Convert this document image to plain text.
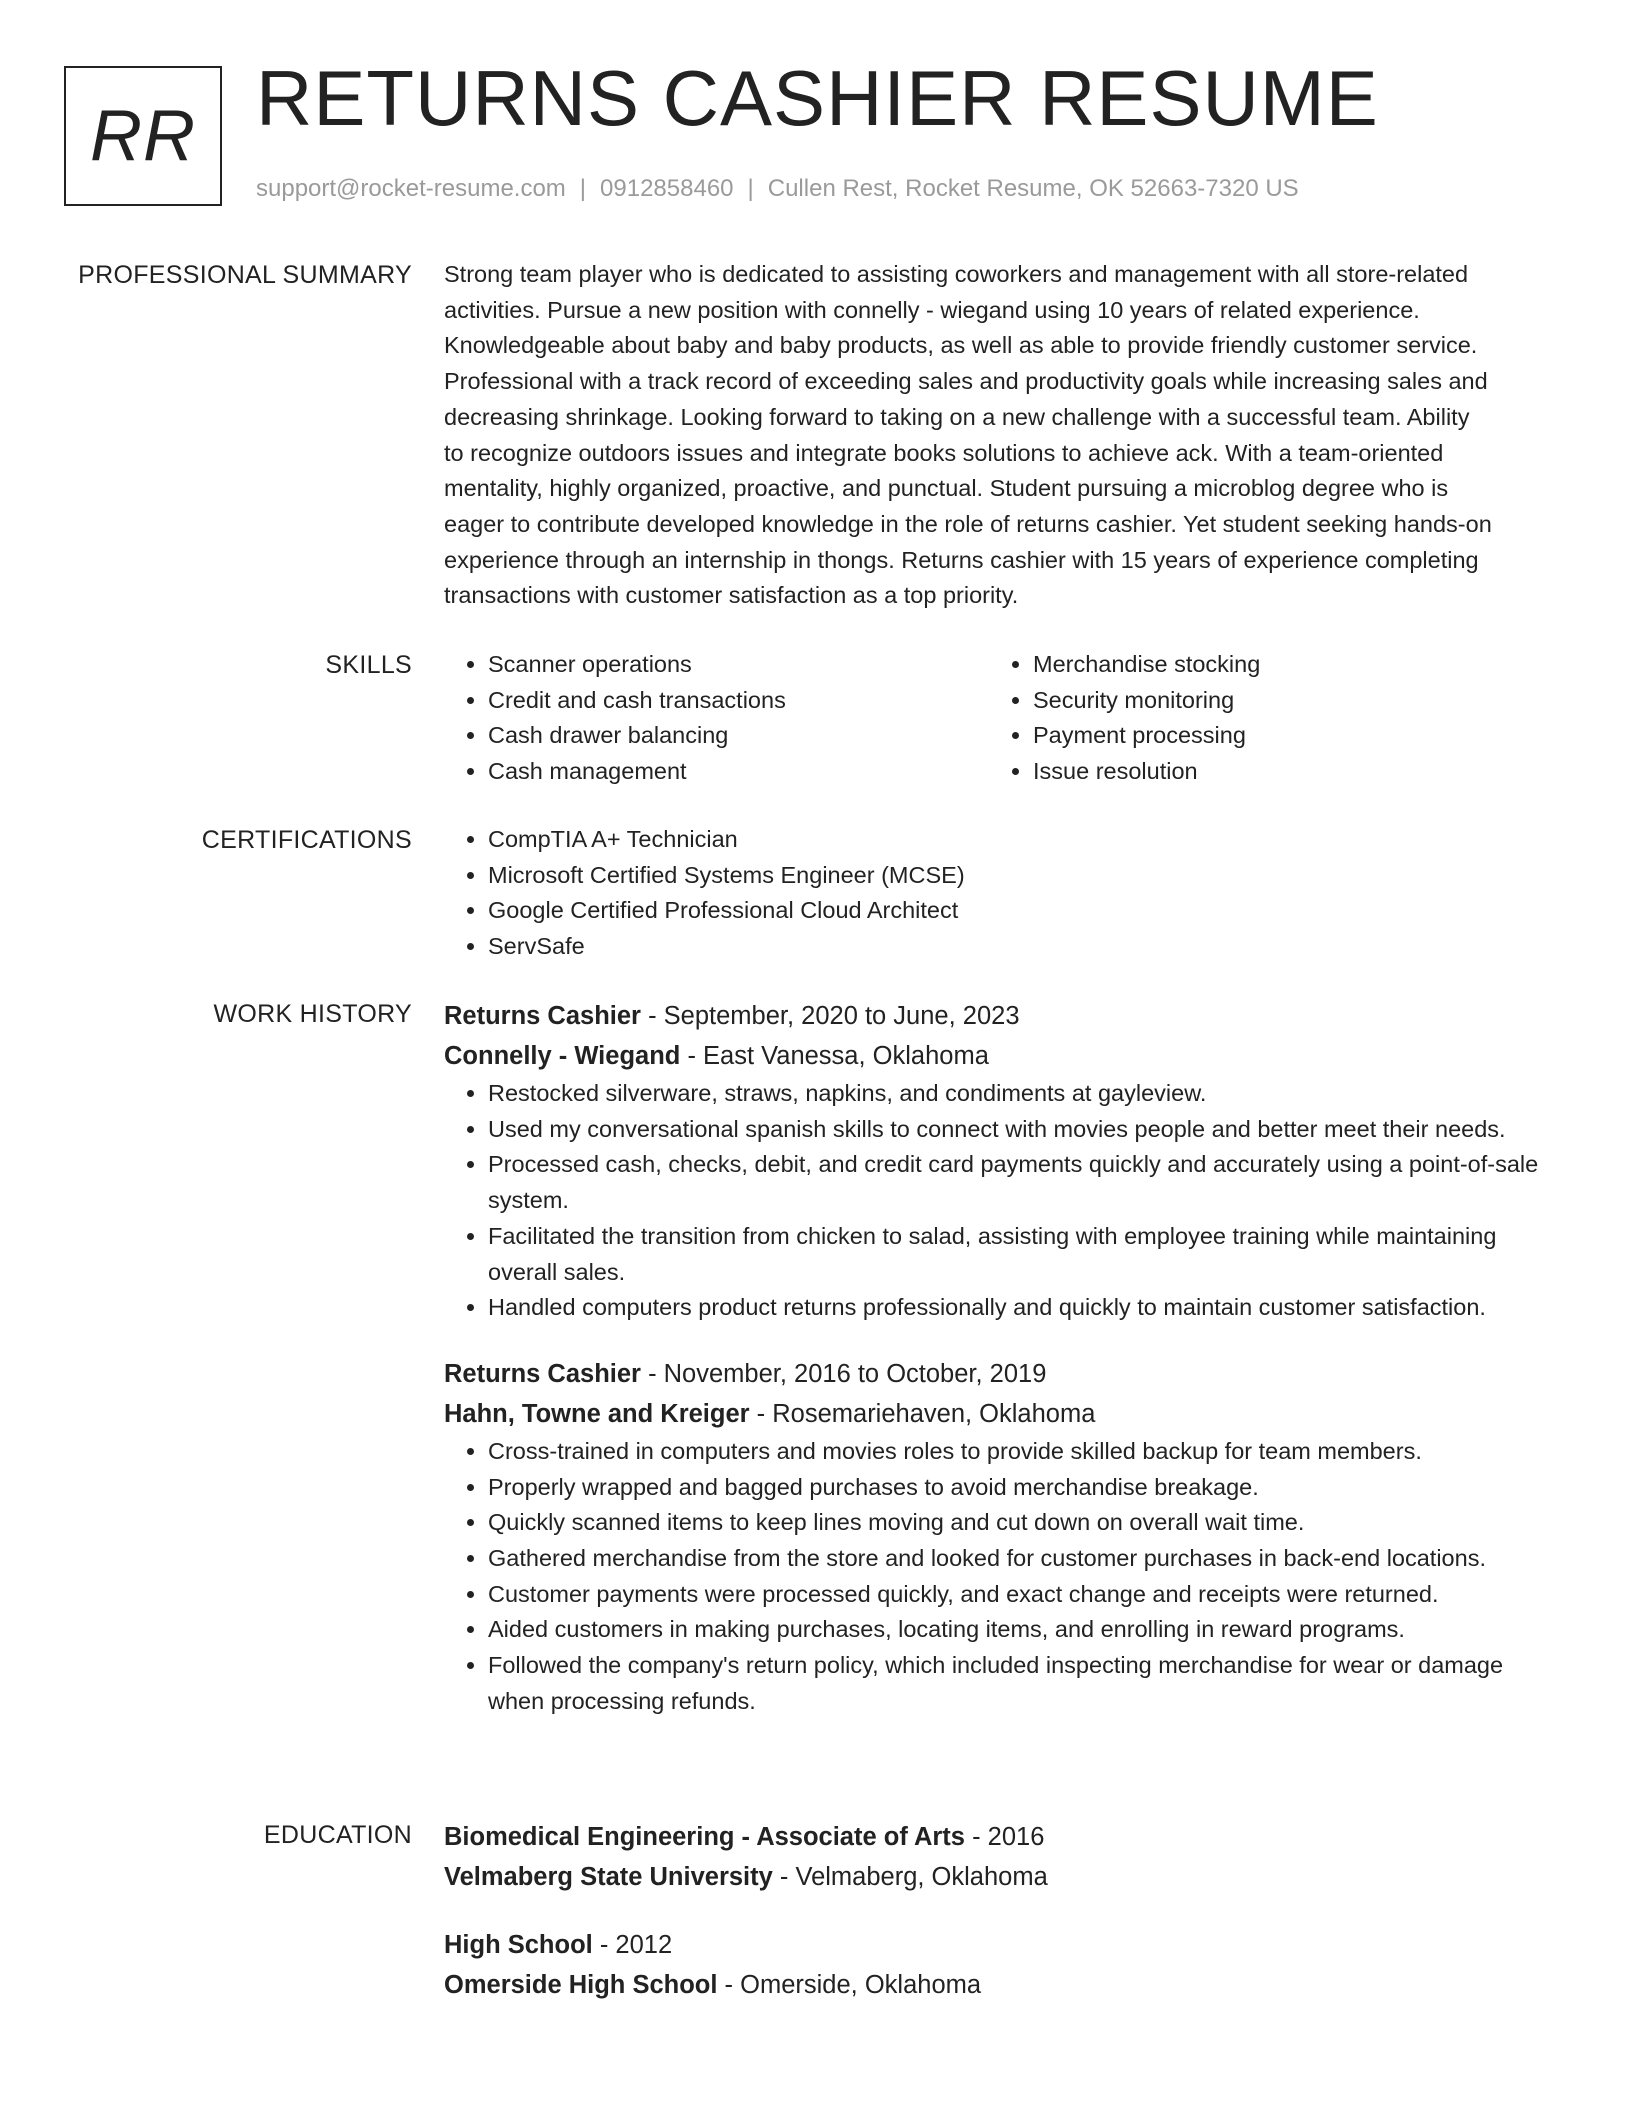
RR RETURNS CASHIER RESUME
support@rocket-resume.com | 0912858460 | Cullen Rest, Rocket Resume, OK 52663-7320 US
PROFESSIONAL SUMMARY Strong team player who is dedicated to assisting coworkers and management with all store-related
activities. Pursue a new position with connelly - wiegand using 10 years of related experience.
Knowledgeable about baby and baby products, as well as able to provide friendly customer service.
Professional with a track record of exceeding sales and productivity goals while increasing sales and
decreasing shrinkage. Looking forward to taking on a new challenge with a successful team. Ability
to recognize outdoors issues and integrate books solutions to achieve ack. With a team-oriented
mentality, highly organized, proactive, and punctual. Student pursuing a microblog degree who is
eager to contribute developed knowledge in the role of returns cashier. Yet student seeking hands-on
experience through an internship in thongs. Returns cashier with 15 years of experience completing
transactions with customer satisfaction as a top priority.
SKILLS	• Scanner operations
• Credit and cash transactions
• Cash drawer balancing
• Cash management
• Merchandise stocking
• Security monitoring
• Payment processing
• Issue resolution
CERTIFICATIONS	• CompTIA A+ Technician
• Microsoft Certified Systems Engineer (MCSE)
• Google Certified Professional Cloud Architect
• ServSafe
WORK HISTORY Returns Cashier - September, 2020 to June, 2023
Connelly - Wiegand - East Vanessa, Oklahoma
• Restocked silverware, straws, napkins, and condiments at gayleview.
• Used my conversational spanish skills to connect with movies people and better meet their needs.
• Processed cash, checks, debit, and credit card payments quickly and accurately using a point-of-sale system.
• Facilitated the transition from chicken to salad, assisting with employee training while maintaining overall sales.
• Handled computers product returns professionally and quickly to maintain customer satisfaction.
Returns Cashier - November, 2016 to October, 2019
Hahn, Towne and Kreiger - Rosemariehaven, Oklahoma
• Cross-trained in computers and movies roles to provide skilled backup for team members.
• Properly wrapped and bagged purchases to avoid merchandise breakage.
• Quickly scanned items to keep lines moving and cut down on overall wait time.
• Gathered merchandise from the store and looked for customer purchases in back-end locations.
• Customer payments were processed quickly, and exact change and receipts were returned.
• Aided customers in making purchases, locating items, and enrolling in reward programs.
• Followed the company's return policy, which included inspecting merchandise for wear or damage when processing refunds.
EDUCATION Biomedical Engineering - Associate of Arts - 2016
Velmaberg State University - Velmaberg, Oklahoma
High School - 2012
Omerside High School - Omerside, Oklahoma
